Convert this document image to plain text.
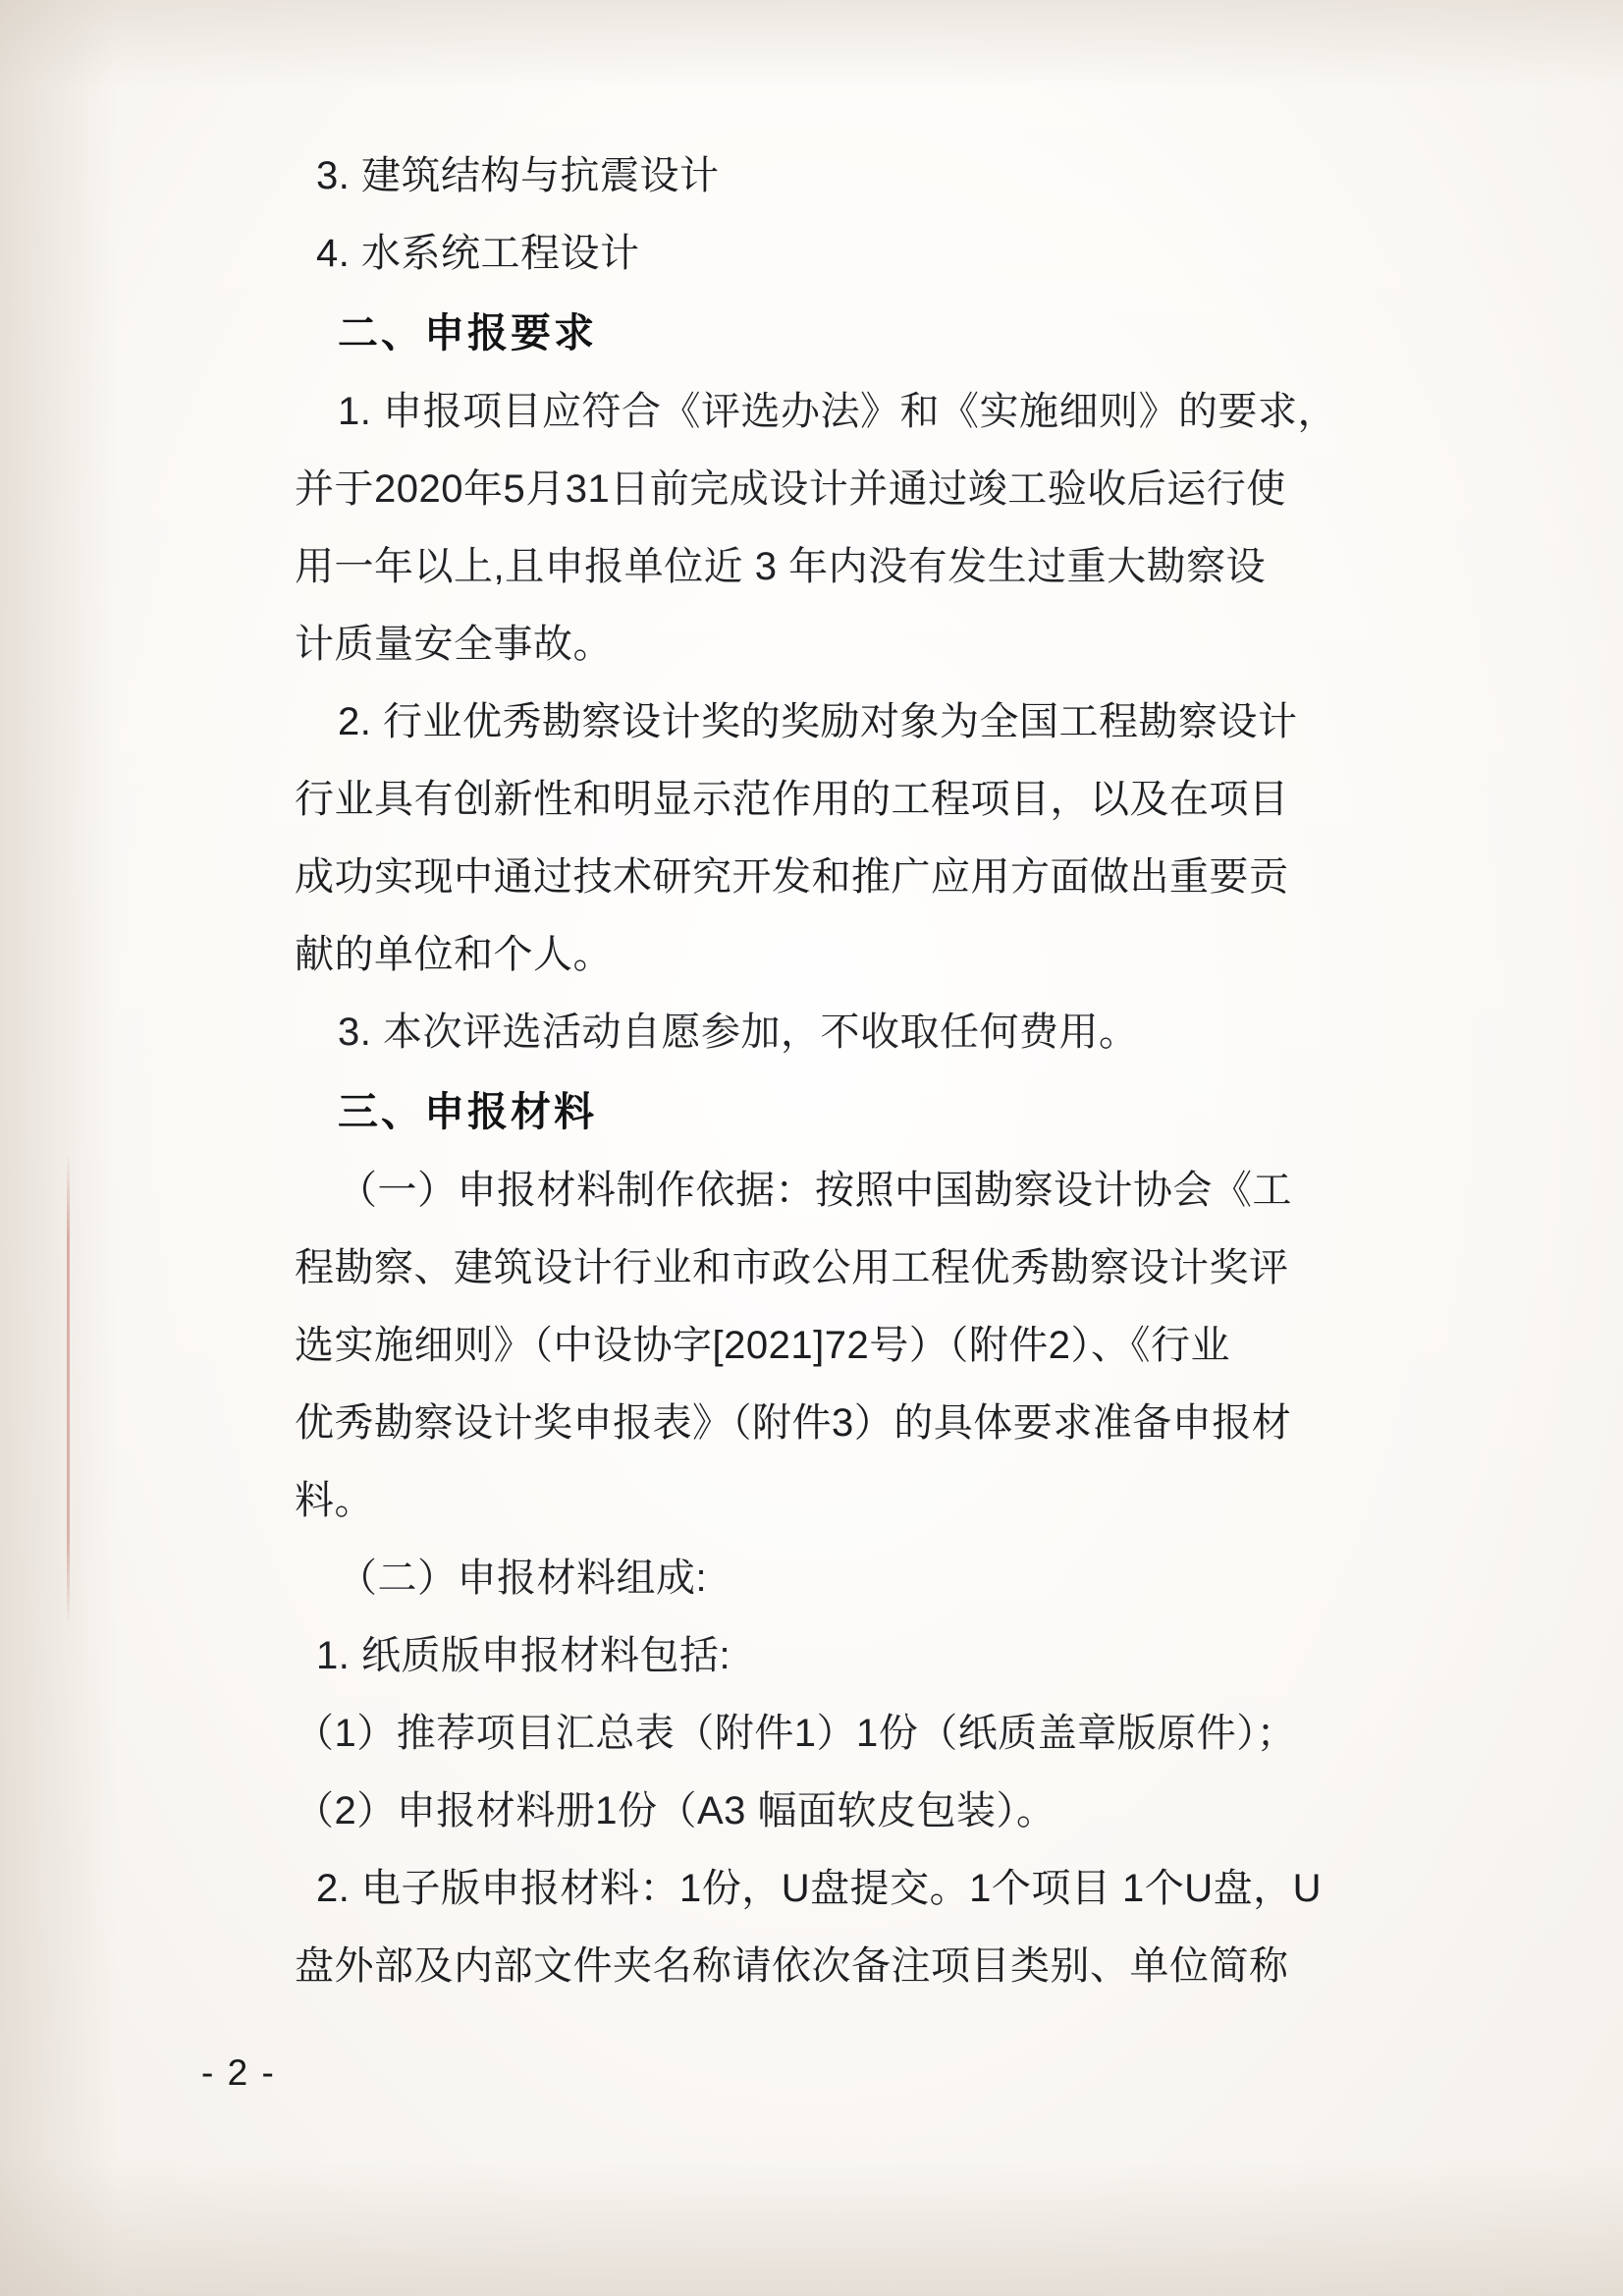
3. 建筑结构与抗震设计
4. 水系统工程设计
二、申报要求
1. 申报项目应符合《评选办法》和《实施细则》的要求，
并于2020年5月31日前完成设计并通过竣工验收后运行使
用一年以上,且申报单位近 3 年内没有发生过重大勘察设
计质量安全事故。
2. 行业优秀勘察设计奖的奖励对象为全国工程勘察设计
行业具有创新性和明显示范作用的工程项目，以及在项目
成功实现中通过技术研究开发和推广应用方面做出重要贡
献的单位和个人。
3. 本次评选活动自愿参加，不收取任何费用。
三、申报材料
（一）申报材料制作依据：按照中国勘察设计协会《工
程勘察、建筑设计行业和市政公用工程优秀勘察设计奖评
选实施细则》（中设协字[2021]72号）（附件2）、《行业
优秀勘察设计奖申报表》（附件3）的具体要求准备申报材
料。
（二）申报材料组成:
1. 纸质版申报材料包括:
（1）推荐项目汇总表（附件1）1份（纸质盖章版原件）；
（2）申报材料册1份（A3 幅面软皮包装）。
2. 电子版申报材料：1份，U盘提交。1个项目 1个U盘，U
盘外部及内部文件夹名称请依次备注项目类别、单位简称
- 2 -
